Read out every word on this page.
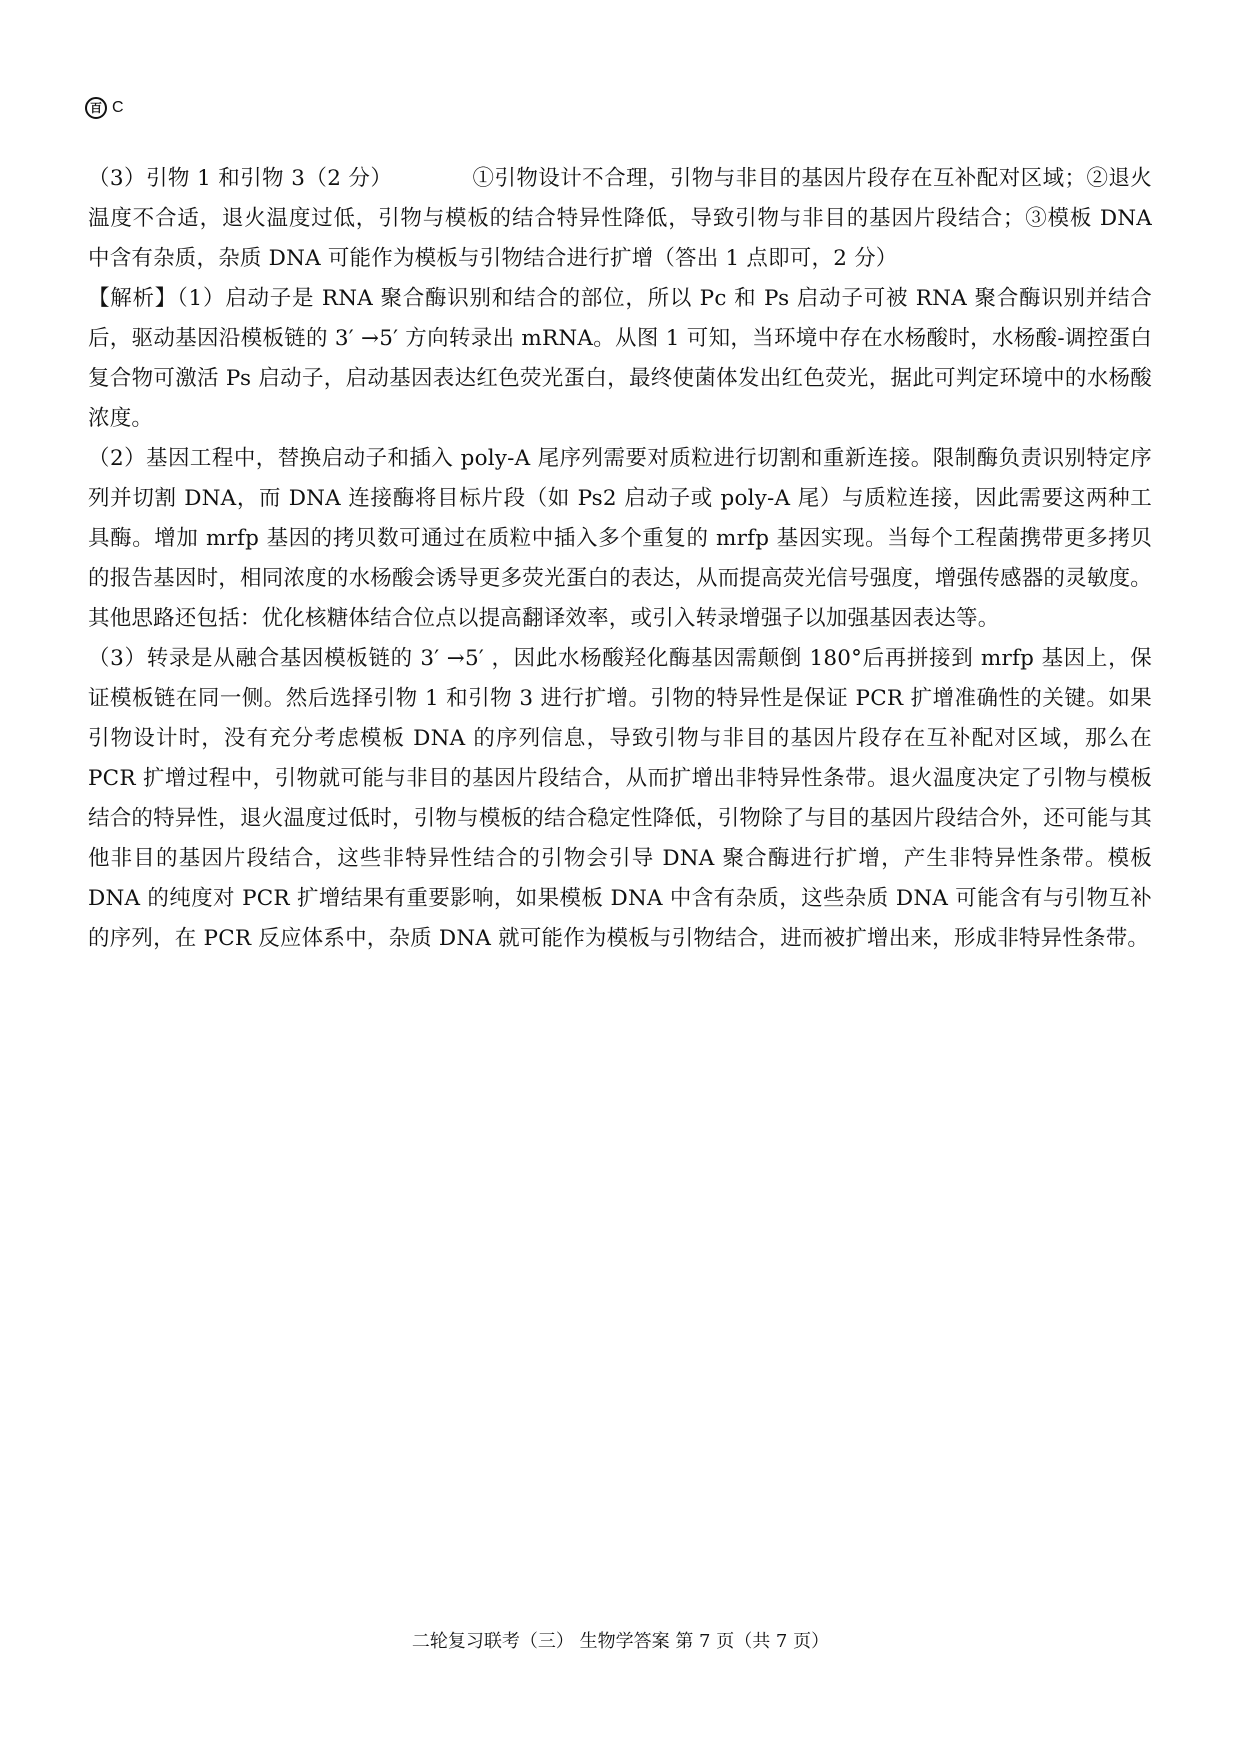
百 C

（3）引物 1 和引物 3（2 分）	①引物设计不合理，引物与非目的基因片段存在互补配对区域；②退火温度不合适，退火温度过低，引物与模板的结合特异性降低，导致引物与非目的基因片段结合；③模板 DNA 中含有杂质，杂质 DNA 可能作为模板与引物结合进行扩增（答出 1 点即可，2 分）

【解析】（1）启动子是 RNA 聚合酶识别和结合的部位，所以 Pc 和 Ps 启动子可被 RNA 聚合酶识别并结合后，驱动基因沿模板链的 3′ →5′ 方向转录出 mRNA。从图 1 可知，当环境中存在水杨酸时，水杨酸-调控蛋白复合物可激活 Ps 启动子，启动基因表达红色荧光蛋白，最终使菌体发出红色荧光，据此可判定环境中的水杨酸浓度。

（2）基因工程中，替换启动子和插入 poly-A 尾序列需要对质粒进行切割和重新连接。限制酶负责识别特定序列并切割 DNA，而 DNA 连接酶将目标片段（如 Ps2 启动子或 poly-A 尾）与质粒连接，因此需要这两种工具酶。增加 mrfp 基因的拷贝数可通过在质粒中插入多个重复的 mrfp 基因实现。当每个工程菌携带更多拷贝的报告基因时，相同浓度的水杨酸会诱导更多荧光蛋白的表达，从而提高荧光信号强度，增强传感器的灵敏度。其他思路还包括：优化核糖体结合位点以提高翻译效率，或引入转录增强子以加强基因表达等。

（3）转录是从融合基因模板链的 3′ →5′ ，因此水杨酸羟化酶基因需颠倒 180°后再拼接到 mrfp 基因上，保证模板链在同一侧。然后选择引物 1 和引物 3 进行扩增。引物的特异性是保证 PCR 扩增准确性的关键。如果引物设计时，没有充分考虑模板 DNA 的序列信息，导致引物与非目的基因片段存在互补配对区域，那么在 PCR 扩增过程中，引物就可能与非目的基因片段结合，从而扩增出非特异性条带。退火温度决定了引物与模板结合的特异性，退火温度过低时，引物与模板的结合稳定性降低，引物除了与目的基因片段结合外，还可能与其他非目的基因片段结合，这些非特异性结合的引物会引导 DNA 聚合酶进行扩增，产生非特异性条带。模板 DNA 的纯度对 PCR 扩增结果有重要影响，如果模板 DNA 中含有杂质，这些杂质 DNA 可能含有与引物互补的序列，在 PCR 反应体系中，杂质 DNA 就可能作为模板与引物结合，进而被扩增出来，形成非特异性条带。

二轮复习联考（三） 生物学答案 第 7 页（共 7 页）
